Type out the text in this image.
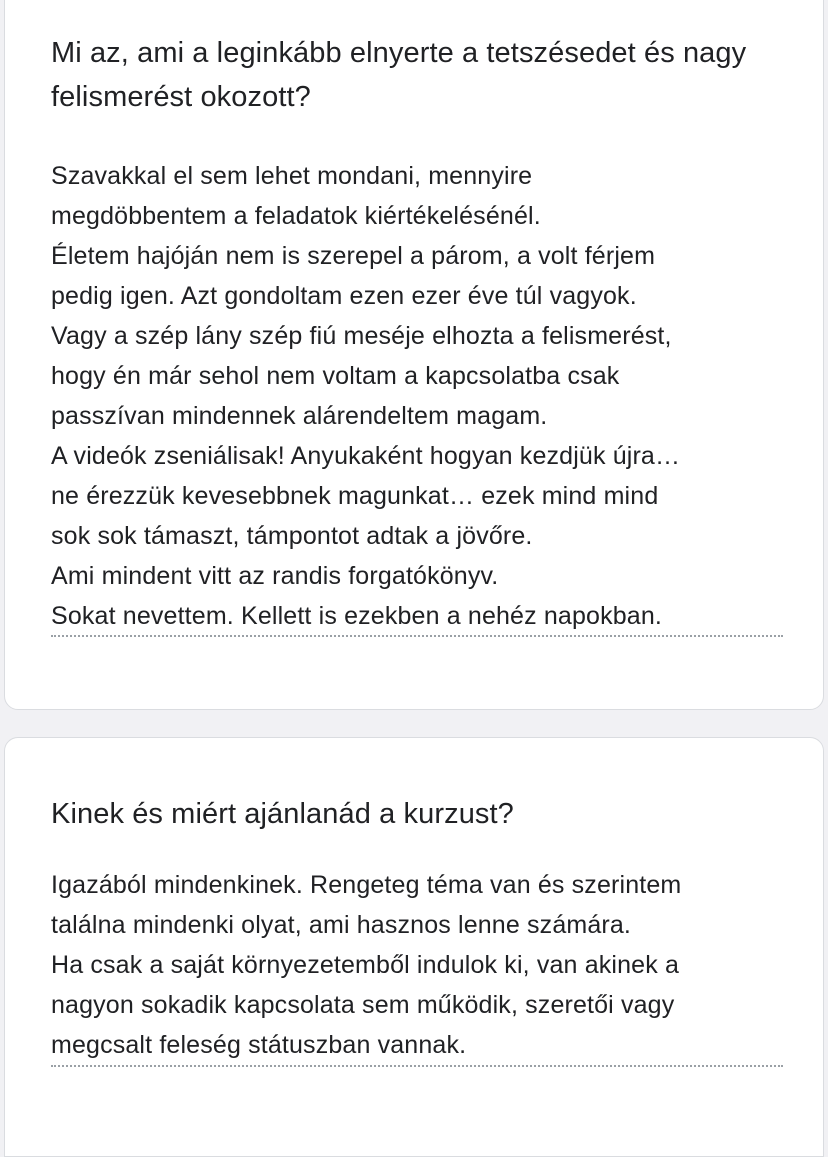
Mi az, ami a leginkább elnyerte a tetszésedet és nagy felismerést okozott?
Szavakkal el sem lehet mondani, mennyire
megdöbbentem a feladatok kiértékelésénél.
Életem hajóján nem is szerepel a párom, a volt férjem
pedig igen. Azt gondoltam ezen ezer éve túl vagyok.
Vagy a szép lány szép fiú meséje elhozta a felismerést,
hogy én már sehol nem voltam a kapcsolatba csak
passzívan mindennek alárendeltem magam.
A videók zseniálisak! Anyukaként hogyan kezdjük újra…
ne érezzük kevesebbnek magunkat… ezek mind mind
sok sok támaszt, támpontot adtak a jövőre.
Ami mindent vitt az randis forgatókönyv.
Sokat nevettem. Kellett is ezekben a nehéz napokban.
Kinek és miért ajánlanád a kurzust?
Igazából mindenkinek. Rengeteg téma van és szerintem
találna mindenki olyat, ami hasznos lenne számára.
Ha csak a saját környezetemből indulok ki, van akinek a
nagyon sokadik kapcsolata sem működik, szeretői vagy
megcsalt feleség státuszban vannak.
